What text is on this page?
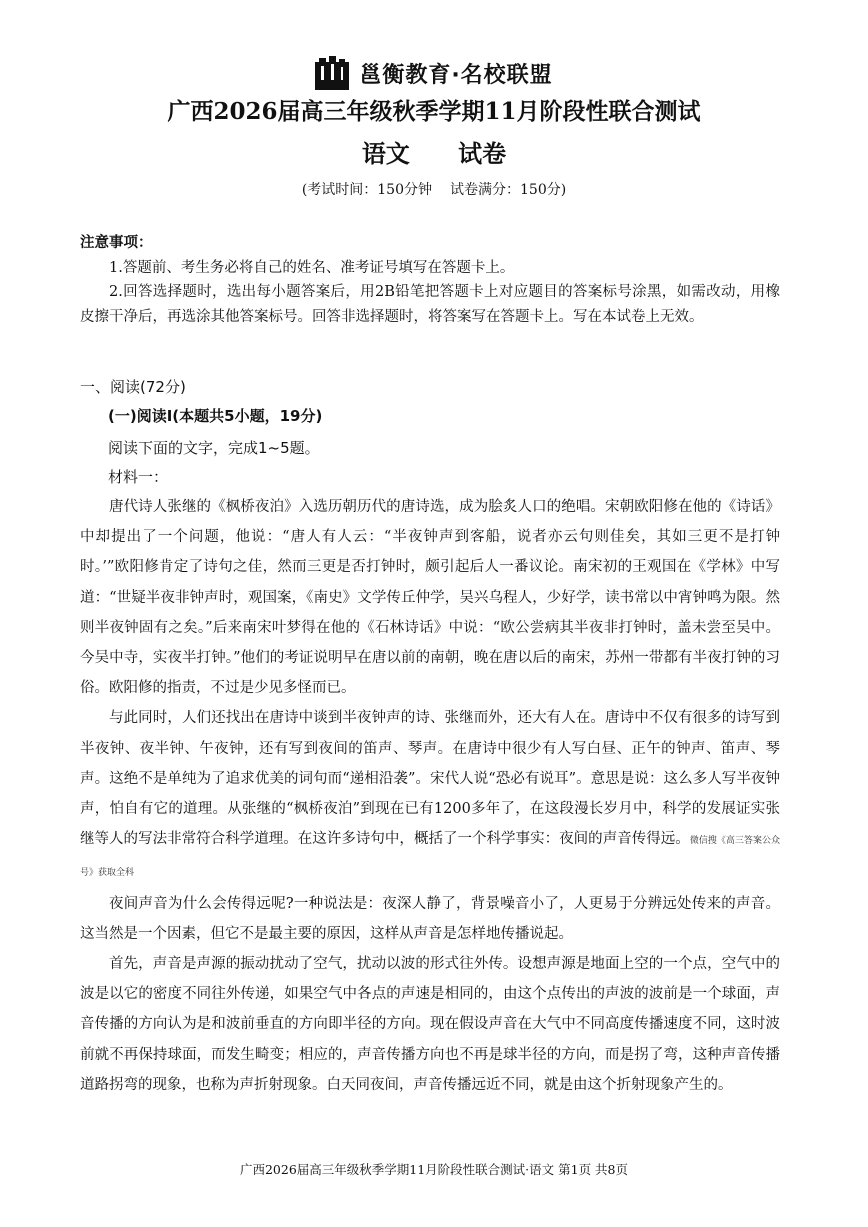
邕衡教育·名校联盟
广西2026届高三年级秋季学期11月阶段性联合测试
语文 试卷
(考试时间：150分钟 试卷满分：150分)

注意事项：

1.答题前、考生务必将自己的姓名、准考证号填写在答题卡上。

2.回答选择题时，选出每小题答案后，用2B铅笔把答题卡上对应题目的答案标号涂黑，如需改动，用橡皮擦干净后，再选涂其他答案标号。回答非选择题时，将答案写在答题卡上。写在本试卷上无效。

一、阅读(72分)
(一)阅读Ⅰ(本题共5小题，19分)
阅读下面的文字，完成1~5题。
材料一：

唐代诗人张继的《枫桥夜泊》入选历朝历代的唐诗选，成为脍炙人口的绝唱。宋朝欧阳修在他的《诗话》中却提出了一个问题，他说：“唐人有人云：“半夜钟声到客船，说者亦云句则佳矣，其如三更不是打钟时。’”欧阳修肯定了诗句之佳，然而三更是否打钟时，颇引起后人一番议论。南宋初的王观国在《学林》中写道：“世疑半夜非钟声时，观国案，《南史》文学传丘仲学，吴兴乌程人，少好学，读书常以中宵钟鸣为限。然则半夜钟固有之矣。”后来南宋叶梦得在他的《石林诗话》中说：“欧公尝病其半夜非打钟时，盖未尝至吴中。今吴中寺，实夜半打钟。”他们的考证说明早在唐以前的南朝，晚在唐以后的南宋，苏州一带都有半夜打钟的习俗。欧阳修的指责，不过是少见多怪而已。

与此同时，人们还找出在唐诗中谈到半夜钟声的诗、张继而外，还大有人在。唐诗中不仅有很多的诗写到半夜钟、夜半钟、午夜钟，还有写到夜间的笛声、琴声。在唐诗中很少有人写白昼、正午的钟声、笛声、琴声。这绝不是单纯为了追求优美的词句而“递相沿袭”。宋代人说“恐必有说耳”。意思是说：这么多人写半夜钟声，怕自有它的道理。从张继的“枫桥夜泊”到现在已有1200多年了，在这段漫长岁月中，科学的发展证实张继等人的写法非常符合科学道理。在这许多诗句中，概括了一个科学事实：夜间的声音传得远。微信搜《高三答案公众号》获取全科

夜间声音为什么会传得远呢?一种说法是：夜深人静了，背景噪音小了，人更易于分辨远处传来的声音。这当然是一个因素，但它不是最主要的原因，这样从声音是怎样地传播说起。

首先，声音是声源的振动扰动了空气，扰动以波的形式往外传。设想声源是地面上空的一个点，空气中的波是以它的密度不同往外传递，如果空气中各点的声速是相同的，由这个点传出的声波的波前是一个球面，声音传播的方向认为是和波前垂直的方向即半径的方向。现在假设声音在大气中不同高度传播速度不同，这时波前就不再保持球面，而发生畸变；相应的，声音传播方向也不再是球半径的方向，而是拐了弯，这种声音传播道路拐弯的现象，也称为声折射现象。白天同夜间，声音传播远近不同，就是由这个折射现象产生的。

广西2026届高三年级秋季学期11月阶段性联合测试·语文 第1页 共8页
